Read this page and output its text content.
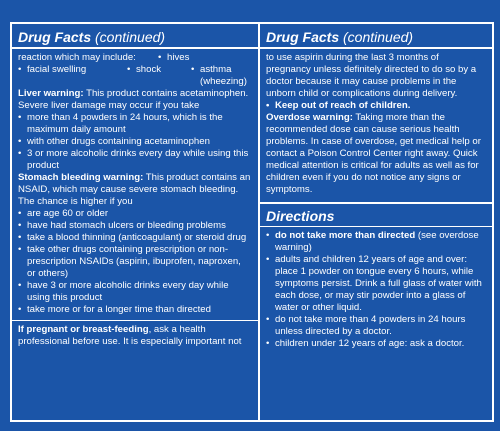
Drug Facts (continued)
reaction which may include:	• hives
• facial swelling	• shock	• asthma (wheezing)

Liver warning: This product contains acetaminophen. Severe liver damage may occur if you take

• more than 4 powders in 24 hours, which is the maximum daily amount

• with other drugs containing acetaminophen

• 3 or more alcoholic drinks every day while using this product

Stomach bleeding warning: This product contains an NSAID, which may cause severe stomach bleeding. The chance is higher if you

• are age 60 or older

• have had stomach ulcers or bleeding problems

• take a blood thinning (anticoagulant) or steroid drug

• take other drugs containing prescription or non-prescription NSAIDs (aspirin, ibuprofen, naproxen, or others)

• have 3 or more alcoholic drinks every day while using this product

• take more or for a longer time than directed

If pregnant or breast-feeding, ask a health professional before use. It is especially important not

Drug Facts (continued)

to use aspirin during the last 3 months of pregnancy unless definitely directed to do so by a doctor because it may cause problems in the unborn child or complications during delivery.

• Keep out of reach of children.

Overdose warning: Taking more than the recommended dose can cause serious health problems. In case of overdose, get medical help or contact a Poison Control Center right away. Quick medical attention is critical for adults as well as for children even if you do not notice any signs or symptoms.

Directions

• do not take more than directed (see overdose warning)

• adults and children 12 years of age and over: place 1 powder on tongue every 6 hours, while symptoms persist. Drink a full glass of water with each dose, or may stir powder into a glass of water or other liquid.

• do not take more than 4 powders in 24 hours unless directed by a doctor.

• children under 12 years of age: ask a doctor.
